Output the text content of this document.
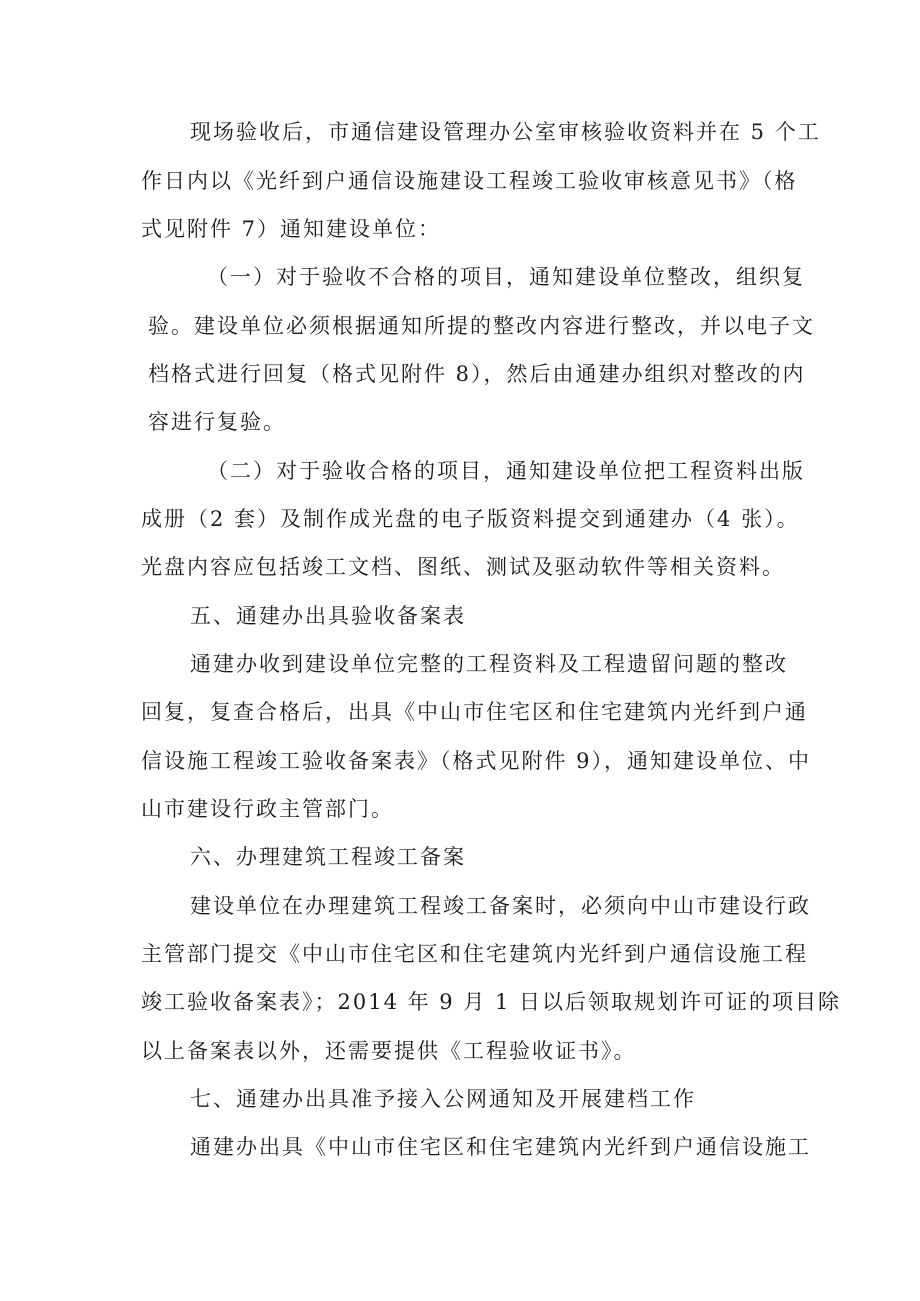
现场验收后，市通信建设管理办公室审核验收资料并在 5 个工
作日内以《光纤到户通信设施建设工程竣工验收审核意见书》（格
式见附件 7）通知建设单位：
（一）对于验收不合格的项目，通知建设单位整改，组织复
验。建设单位必须根据通知所提的整改内容进行整改，并以电子文
档格式进行回复（格式见附件 8），然后由通建办组织对整改的内
容进行复验。
（二）对于验收合格的项目，通知建设单位把工程资料出版
成册（2 套）及制作成光盘的电子版资料提交到通建办（4 张）。
光盘内容应包括竣工文档、图纸、测试及驱动软件等相关资料。
五、通建办出具验收备案表
通建办收到建设单位完整的工程资料及工程遗留问题的整改
回复，复查合格后，出具《中山市住宅区和住宅建筑内光纤到户通
信设施工程竣工验收备案表》（格式见附件 9），通知建设单位、中
山市建设行政主管部门。
六、办理建筑工程竣工备案
建设单位在办理建筑工程竣工备案时，必须向中山市建设行政
主管部门提交《中山市住宅区和住宅建筑内光纤到户通信设施工程
竣工验收备案表》；2014 年 9 月 1 日以后领取规划许可证的项目除
以上备案表以外，还需要提供《工程验收证书》。
七、通建办出具准予接入公网通知及开展建档工作
通建办出具《中山市住宅区和住宅建筑内光纤到户通信设施工
